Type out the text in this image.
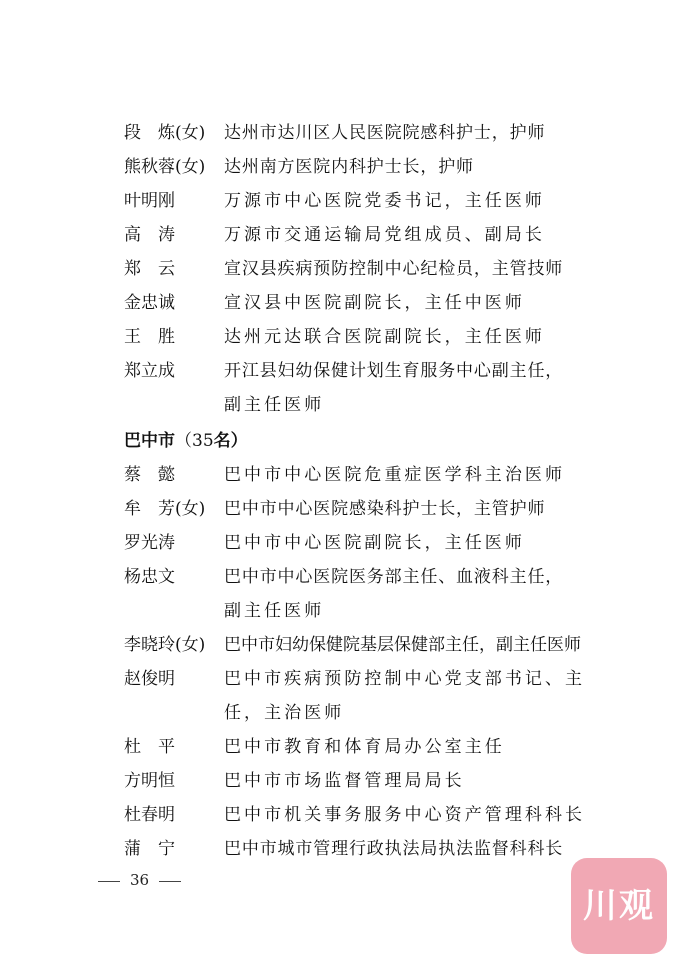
段　炼(女)	达州市达川区人民医院院感科护士，护师
熊秋蓉(女)	达州南方医院内科护士长，护师
叶明刚	万源市中心医院党委书记，主任医师
高　涛	万源市交通运输局党组成员、副局长
郑　云	宣汉县疾病预防控制中心纪检员，主管技师
金忠诚	宣汉县中医院副院长，主任中医师
王　胜	达州元达联合医院副院长，主任医师
郑立成	开江县妇幼保健计划生育服务中心副主任，
副主任医师
巴中市（35名）
蔡　懿	巴中市中心医院危重症医学科主治医师
牟　芳(女)	巴中市中心医院感染科护士长，主管护师
罗光涛	巴中市中心医院副院长，主任医师
杨忠文	巴中市中心医院医务部主任、血液科主任，
副主任医师
李晓玲(女)	巴中市妇幼保健院基层保健部主任，副主任医师
赵俊明	巴中市疾病预防控制中心党支部书记、主
任，主治医师
杜　平	巴中市教育和体育局办公室主任
方明恒	巴中市市场监督管理局局长
杜春明	巴中市机关事务服务中心资产管理科科长
蒲　宁	巴中市城市管理行政执法局执法监督科科长
36
川观
